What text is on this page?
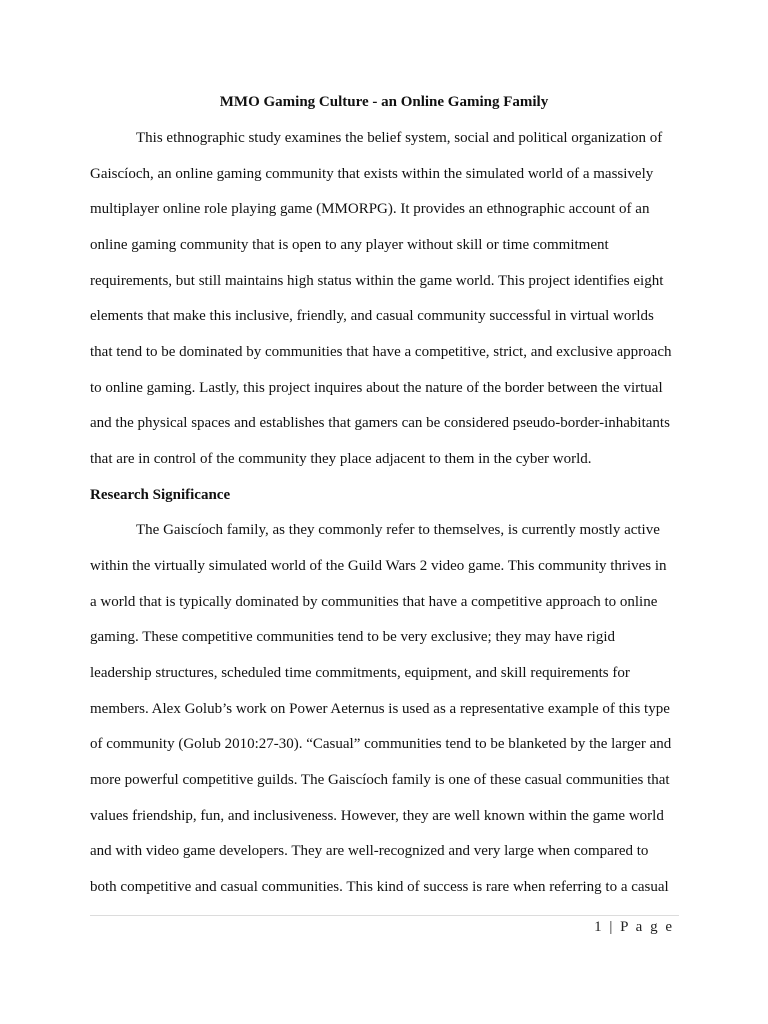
MMO Gaming Culture - an Online Gaming Family
This ethnographic study examines the belief system, social and political organization of
Gaiscíoch, an online gaming community that exists within the simulated world of a massively
multiplayer online role playing game (MMORPG). It provides an ethnographic account of an
online gaming community that is open to any player without skill or time commitment
requirements, but still maintains high status within the game world. This project identifies eight
elements that make this inclusive, friendly, and casual community successful in virtual worlds
that tend to be dominated by communities that have a competitive, strict, and exclusive approach
to online gaming. Lastly, this project inquires about the nature of the border between the virtual
and the physical spaces and establishes that gamers can be considered pseudo-border-inhabitants
that are in control of the community they place adjacent to them in the cyber world.
Research Significance
The Gaiscíoch family, as they commonly refer to themselves, is currently mostly active
within the virtually simulated world of the Guild Wars 2 video game. This community thrives in
a world that is typically dominated by communities that have a competitive approach to online
gaming. These competitive communities tend to be very exclusive; they may have rigid
leadership structures, scheduled time commitments, equipment, and skill requirements for
members. Alex Golub’s work on Power Aeternus is used as a representative example of this type
of community (Golub 2010:27-30). “Casual” communities tend to be blanketed by the larger and
more powerful competitive guilds. The Gaiscíoch family is one of these casual communities that
values friendship, fun, and inclusiveness. However, they are well known within the game world
and with video game developers. They are well-recognized and very large when compared to
both competitive and casual communities. This kind of success is rare when referring to a casual
1 | P a g e
